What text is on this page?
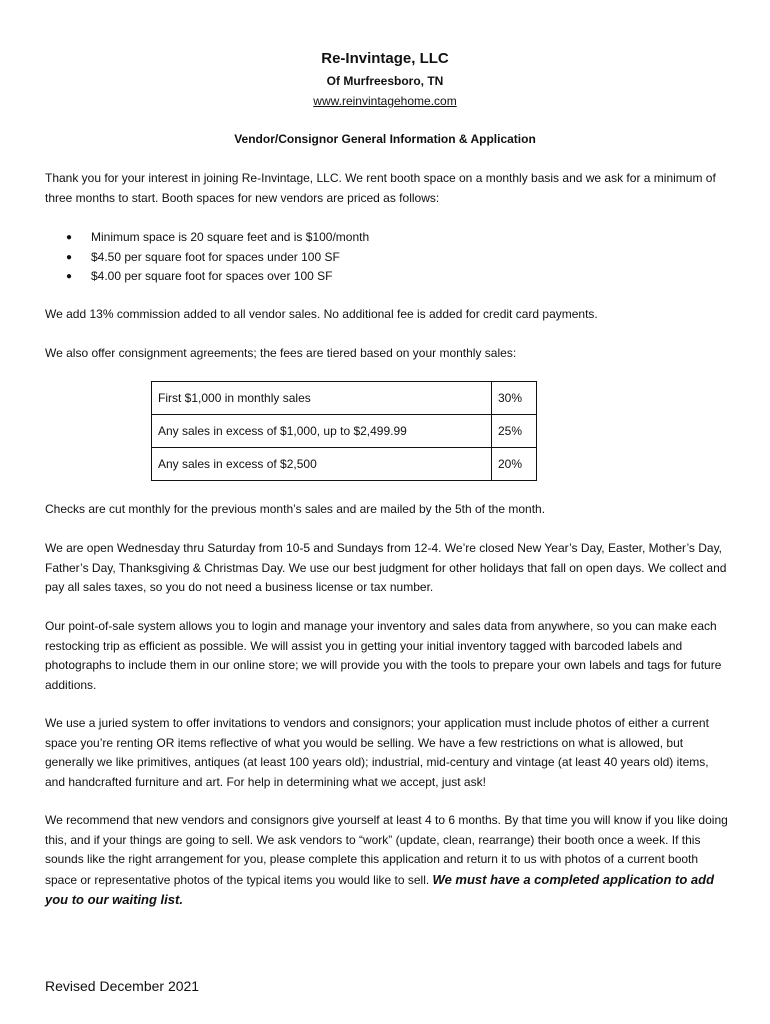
Re-Invintage, LLC
Of Murfreesboro, TN
www.reinvintagehome.com
Vendor/Consignor General Information & Application

Thank you for your interest in joining Re-Invintage, LLC. We rent booth space on a monthly basis and we ask for a minimum of three months to start. Booth spaces for new vendors are priced as follows:

● Minimum space is 20 square feet and is $100/month
● $4.50 per square foot for spaces under 100 SF
● $4.00 per square foot for spaces over 100 SF

We add 13% commission added to all vendor sales. No additional fee is added for credit card payments.

We also offer consignment agreements; the fees are tiered based on your monthly sales:

First $1,000 in monthly sales	30%
Any sales in excess of $1,000, up to $2,499.99	25%
Any sales in excess of $2,500	20%

Checks are cut monthly for the previous month’s sales and are mailed by the 5th of the month.

We are open Wednesday thru Saturday from 10-5 and Sundays from 12-4. We’re closed New Year’s Day, Easter, Mother’s Day, Father’s Day, Thanksgiving & Christmas Day. We use our best judgment for other holidays that fall on open days. We collect and pay all sales taxes, so you do not need a business license or tax number.

Our point-of-sale system allows you to login and manage your inventory and sales data from anywhere, so you can make each restocking trip as efficient as possible. We will assist you in getting your initial inventory tagged with barcoded labels and photographs to include them in our online store; we will provide you with the tools to prepare your own labels and tags for future additions.

We use a juried system to offer invitations to vendors and consignors; your application must include photos of either a current space you’re renting OR items reflective of what you would be selling. We have a few restrictions on what is allowed, but generally we like primitives, antiques (at least 100 years old); industrial, mid-century and vintage (at least 40 years old) items, and handcrafted furniture and art. For help in determining what we accept, just ask!

We recommend that new vendors and consignors give yourself at least 4 to 6 months. By that time you will know if you like doing this, and if your things are going to sell. We ask vendors to “work” (update, clean, rearrange) their booth once a week. If this sounds like the right arrangement for you, please complete this application and return it to us with photos of a current booth space or representative photos of the typical items you would like to sell. We must have a completed application to add you to our waiting list.

Revised December 2021
